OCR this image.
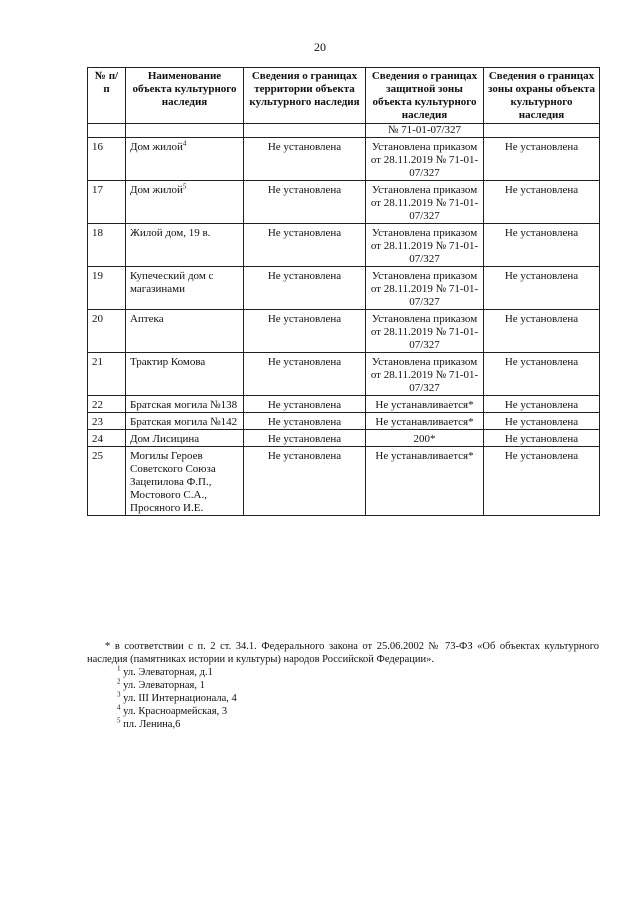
20
№ п/п	Наименование объекта культурного наследия	Сведения о границах территории объекта культурного наследия	Сведения о границах защитной зоны объекта культурного наследия	Сведения о границах зоны охраны объекта культурного наследия
			№ 71-01-07/327	
16	Дом жилой$^4$	Не установлена	Установлена приказом от 28.11.2019 № 71-01-07/327	Не установлена
17	Дом жилой$^5$	Не установлена	Установлена приказом от 28.11.2019 № 71-01-07/327	Не установлена
18	Жилой дом, 19 в.	Не установлена	Установлена приказом от 28.11.2019 № 71-01-07/327	Не установлена
19	Купеческий дом с магазинами	Не установлена	Установлена приказом от 28.11.2019 № 71-01-07/327	Не установлена
20	Аптека	Не установлена	Установлена приказом от 28.11.2019 № 71-01-07/327	Не установлена
21	Трактир Комова	Не установлена	Установлена приказом от 28.11.2019 № 71-01-07/327	Не установлена
22	Братская могила №138	Не установлена	Не устанавливается*	Не установлена
23	Братская могила №142	Не установлена	Не устанавливается*	Не установлена
24	Дом Лисицина	Не установлена	200*	Не установлена
25	Могилы Героев Советского Союза Зацепилова Ф.П., Мостового С.А., Просяного И.Е.	Не установлена	Не устанавливается*	Не установлена

* в соответствии с п. 2 ст. 34.1. Федерального закона от 25.06.2002 № 73-ФЗ «Об объектах культурного наследия (памятниках истории и культуры) народов Российской Федерации».

$^1$ ул. Элеваторная, д.1

$^2$ ул. Элеваторная, 1

$^3$ ул. III Интернационала, 4

$^4$ ул. Красноармейская, 3

$^5$ пл. Ленина,6
